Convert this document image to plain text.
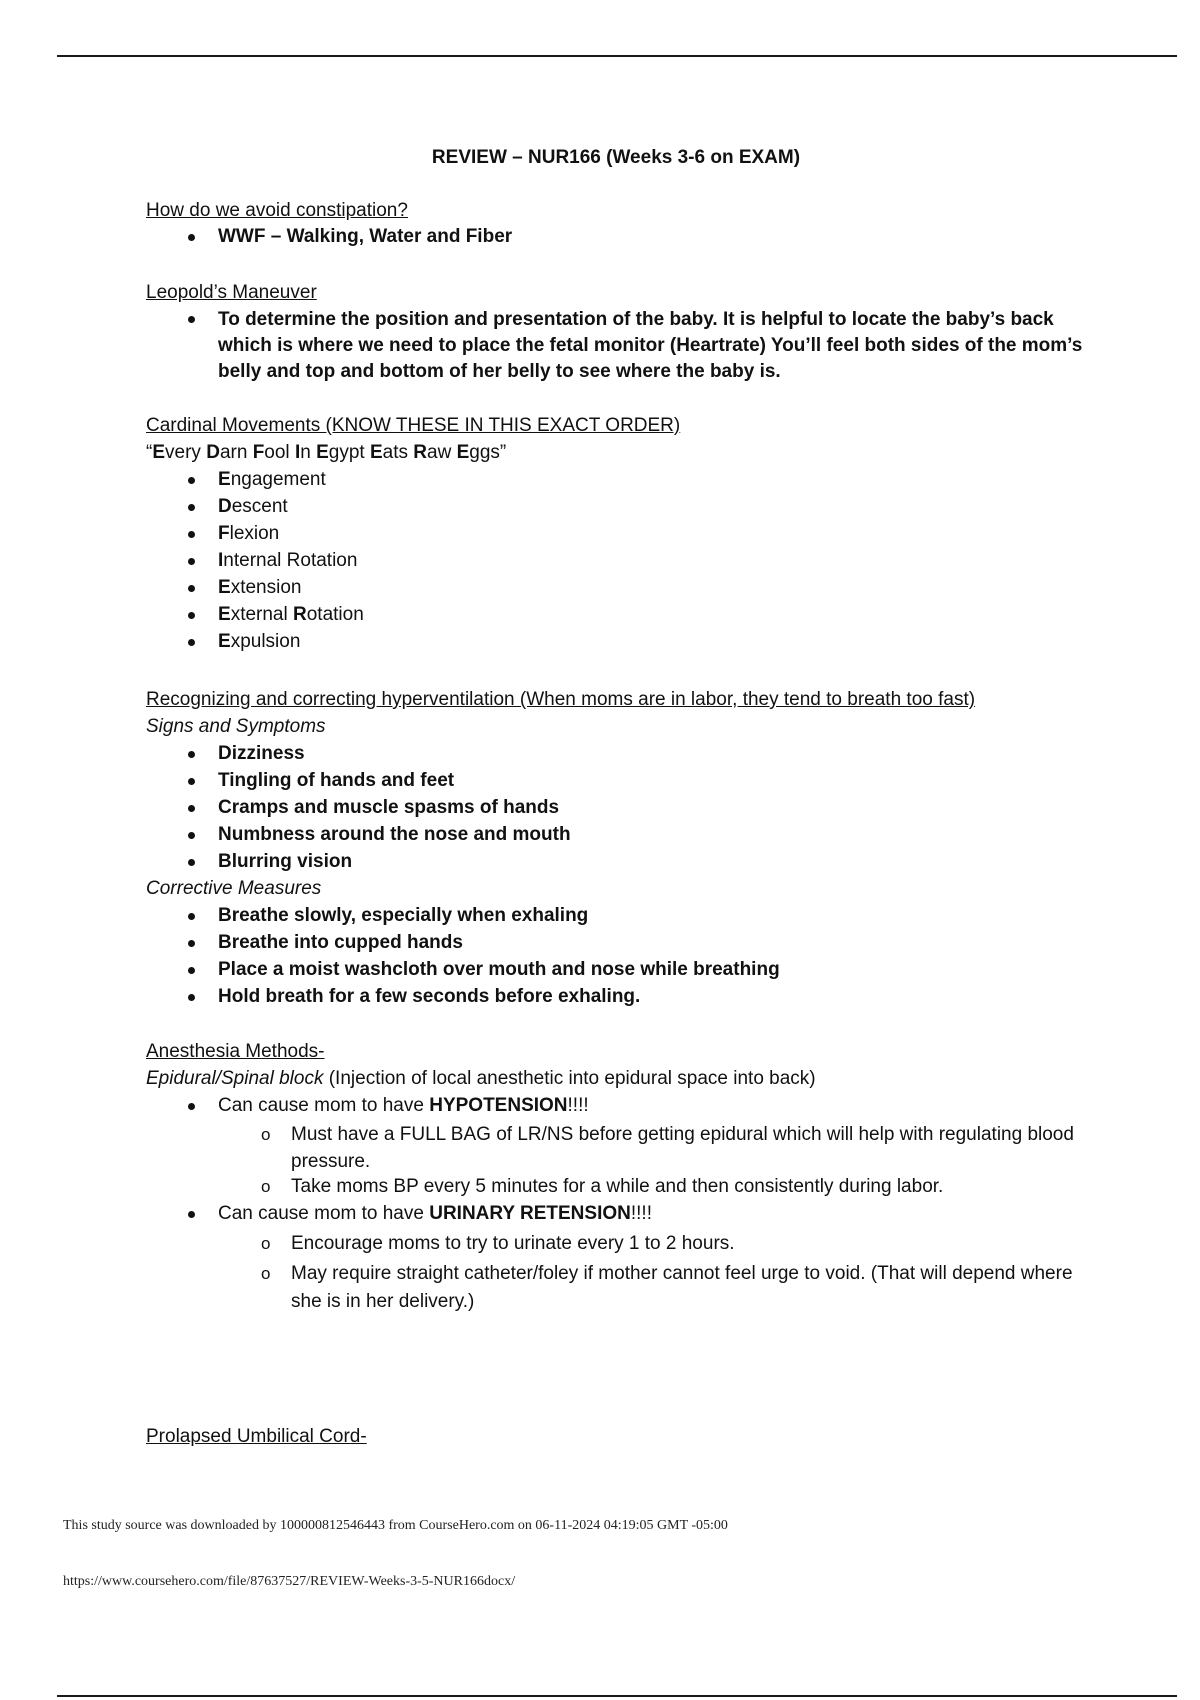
REVIEW – NUR166 (Weeks 3-6 on EXAM)
How do we avoid constipation?
WWF – Walking, Water and Fiber
Leopold’s Maneuver
To determine the position and presentation of the baby. It is helpful to locate the baby’s back which is where we need to place the fetal monitor (Heartrate) You’ll feel both sides of the mom’s belly and top and bottom of her belly to see where the baby is.
Cardinal Movements (KNOW THESE IN THIS EXACT ORDER)
“Every Darn Fool In Egypt Eats Raw Eggs”
Engagement
Descent
Flexion
Internal Rotation
Extension
External Rotation
Expulsion
Recognizing and correcting hyperventilation (When moms are in labor, they tend to breath too fast)
Signs and Symptoms
Dizziness
Tingling of hands and feet
Cramps and muscle spasms of hands
Numbness around the nose and mouth
Blurring vision
Corrective Measures
Breathe slowly, especially when exhaling
Breathe into cupped hands
Place a moist washcloth over mouth and nose while breathing
Hold breath for a few seconds before exhaling.
Anesthesia Methods-
Epidural/Spinal block (Injection of local anesthetic into epidural space into back)
Can cause mom to have HYPOTENSION!!!!
o Must have a FULL BAG of LR/NS before getting epidural which will help with regulating blood pressure.
o Take moms BP every 5 minutes for a while and then consistently during labor.
Can cause mom to have URINARY RETENSION!!!!
o Encourage moms to try to urinate every 1 to 2 hours.
o May require straight catheter/foley if mother cannot feel urge to void. (That will depend where she is in her delivery.)
Prolapsed Umbilical Cord-
This study source was downloaded by 100000812546443 from CourseHero.com on 06-11-2024 04:19:05 GMT -05:00
https://www.coursehero.com/file/87637527/REVIEW-Weeks-3-5-NUR166docx/
